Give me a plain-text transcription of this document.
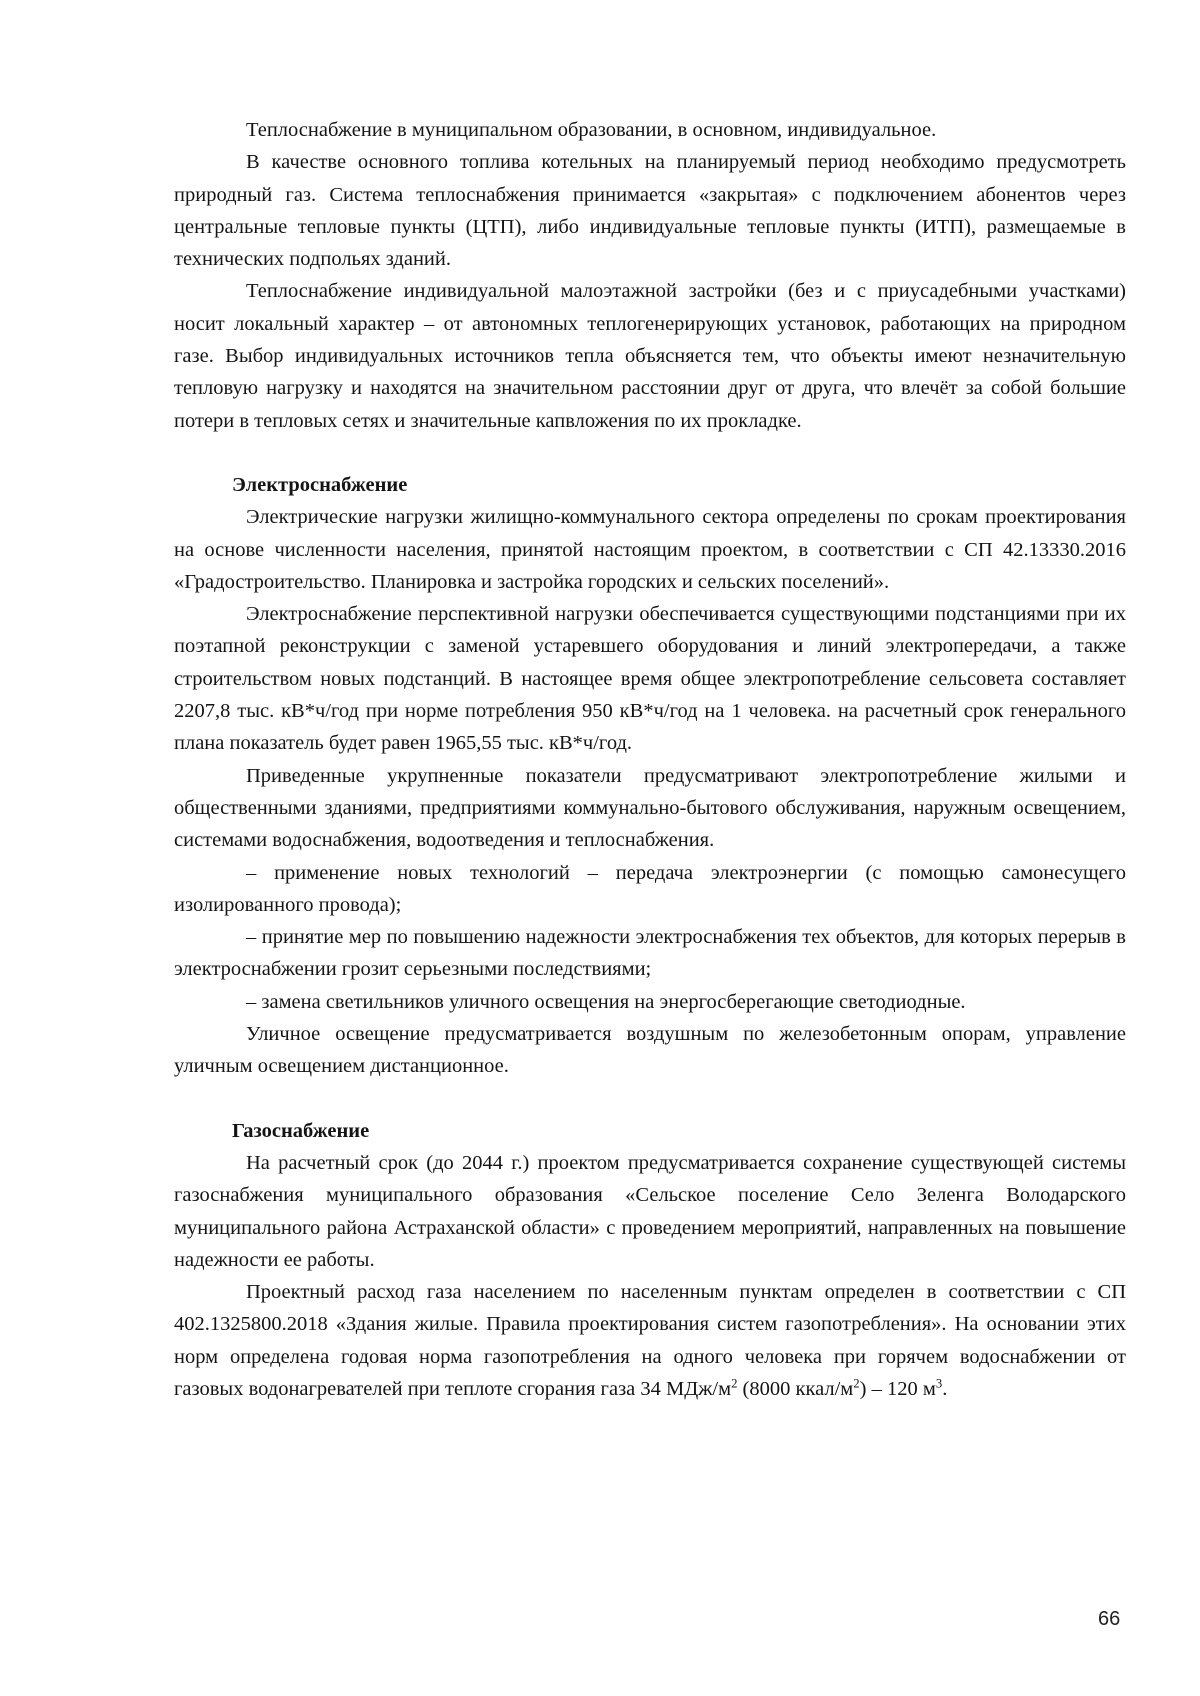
Теплоснабжение в муниципальном образовании, в основном, индивидуальное.

В качестве основного топлива котельных на планируемый период необходимо предусмотреть природный газ. Система теплоснабжения принимается «закрытая» с подключением абонентов через центральные тепловые пункты (ЦТП), либо индивидуальные тепловые пункты (ИТП), размещаемые в технических подпольях зданий.

Теплоснабжение индивидуальной малоэтажной застройки (без и с приусадебными участками) носит локальный характер – от автономных теплогенерирующих установок, работающих на природном газе. Выбор индивидуальных источников тепла объясняется тем, что объекты имеют незначительную тепловую нагрузку и находятся на значительном расстоянии друг от друга, что влечёт за собой большие потери в тепловых сетях и значительные капвложения по их прокладке.

Электроснабжение

Электрические нагрузки жилищно-коммунального сектора определены по срокам проектирования на основе численности населения, принятой настоящим проектом, в соответствии с СП 42.13330.2016 «Градостроительство. Планировка и застройка городских и сельских поселений».

Электроснабжение перспективной нагрузки обеспечивается существующими подстанциями при их поэтапной реконструкции с заменой устаревшего оборудования и линий электропередачи, а также строительством новых подстанций. В настоящее время общее электропотребление сельсовета составляет 2207,8 тыс. кВ*ч/год при норме потребления 950 кВ*ч/год на 1 человека. на расчетный срок генерального плана показатель будет равен 1965,55 тыс. кВ*ч/год.

Приведенные укрупненные показатели предусматривают электропотребление жилыми и общественными зданиями, предприятиями коммунально-бытового обслуживания, наружным освещением, системами водоснабжения, водоотведения и теплоснабжения.

– применение новых технологий – передача электроэнергии (с помощью самонесущего изолированного провода);

– принятие мер по повышению надежности электроснабжения тех объектов, для которых перерыв в электроснабжении грозит серьезными последствиями;

– замена светильников уличного освещения на энергосберегающие светодиодные.

Уличное освещение предусматривается воздушным по железобетонным опорам, управление уличным освещением дистанционное.

Газоснабжение

На расчетный срок (до 2044 г.) проектом предусматривается сохранение существующей системы газоснабжения муниципального образования «Сельское поселение Село Зеленга Володарского муниципального района Астраханской области» с проведением мероприятий, направленных на повышение надежности ее работы.

Проектный расход газа населением по населенным пунктам определен в соответствии с СП 402.1325800.2018 «Здания жилые. Правила проектирования систем газопотребления». На основании этих норм определена годовая норма газопотребления на одного человека при горячем водоснабжении от газовых водонагревателей при теплоте сгорания газа 34 МДж/$м^2$ (8000 ккал/$м^2) - 120$ $м^3$.

66
